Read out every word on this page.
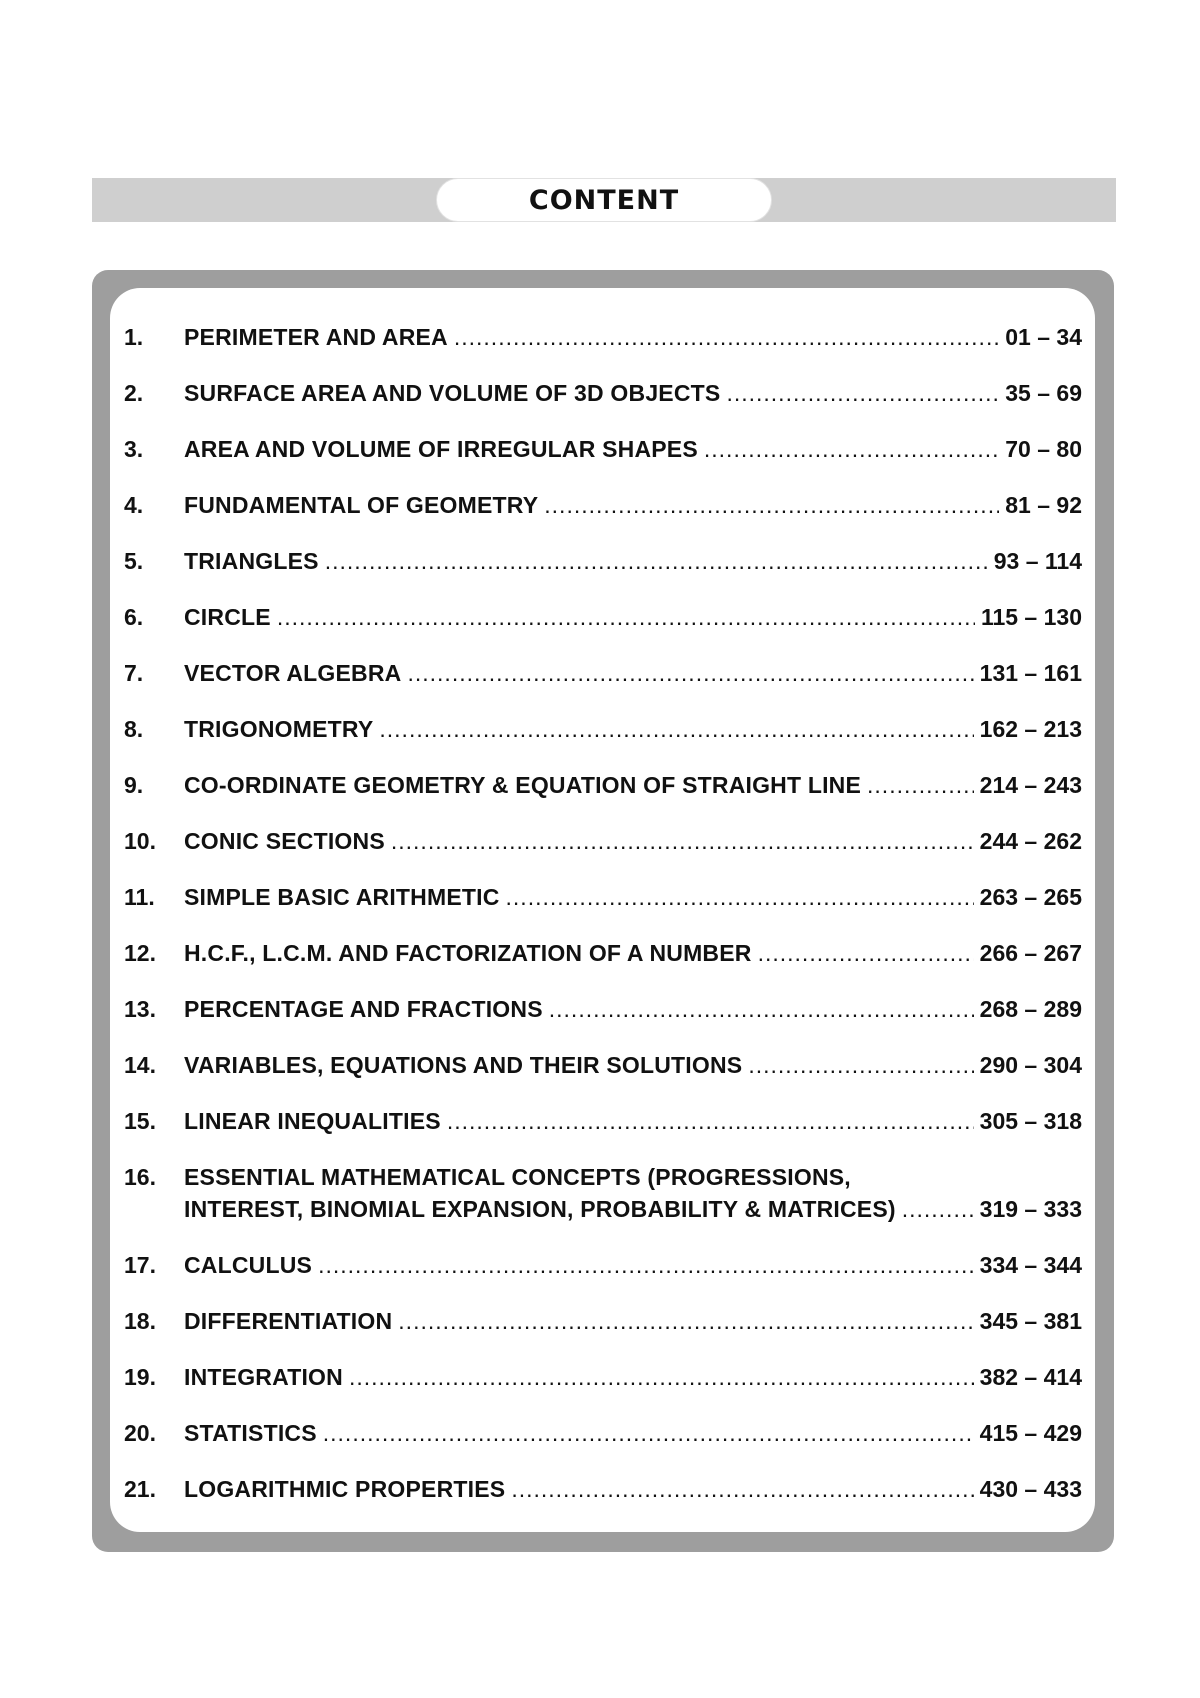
CONTENT
1.	PERIMETER AND AREA .....	01 – 34
2.	SURFACE AREA AND VOLUME OF 3D OBJECTS .....	35 – 69
3.	AREA AND VOLUME OF IRREGULAR SHAPES .....	70 – 80
4.	FUNDAMENTAL OF GEOMETRY .....	81 – 92
5.	TRIANGLES .....	93 – 114
6.	CIRCLE .....	115 – 130
7.	VECTOR ALGEBRA .....	131 – 161
8.	TRIGONOMETRY .....	162 – 213
9.	CO-ORDINATE GEOMETRY & EQUATION OF STRAIGHT LINE .....	214 – 243
10.	CONIC SECTIONS .....	244 – 262
11.	SIMPLE BASIC ARITHMETIC .....	263 – 265
12.	H.C.F., L.C.M. AND FACTORIZATION OF A NUMBER .....	266 – 267
13.	PERCENTAGE AND FRACTIONS .....	268 – 289
14.	VARIABLES, EQUATIONS AND THEIR SOLUTIONS .....	290 – 304
15.	LINEAR INEQUALITIES .....	305 – 318
16.	ESSENTIAL MATHEMATICAL CONCEPTS (PROGRESSIONS,
INTEREST, BINOMIAL EXPANSION, PROBABILITY & MATRICES) .....	319 – 333
17.	CALCULUS .....	334 – 344
18.	DIFFERENTIATION .....	345 – 381
19.	INTEGRATION .....	382 – 414
20.	STATISTICS .....	415 – 429
21.	LOGARITHMIC PROPERTIES .....	430 – 433
